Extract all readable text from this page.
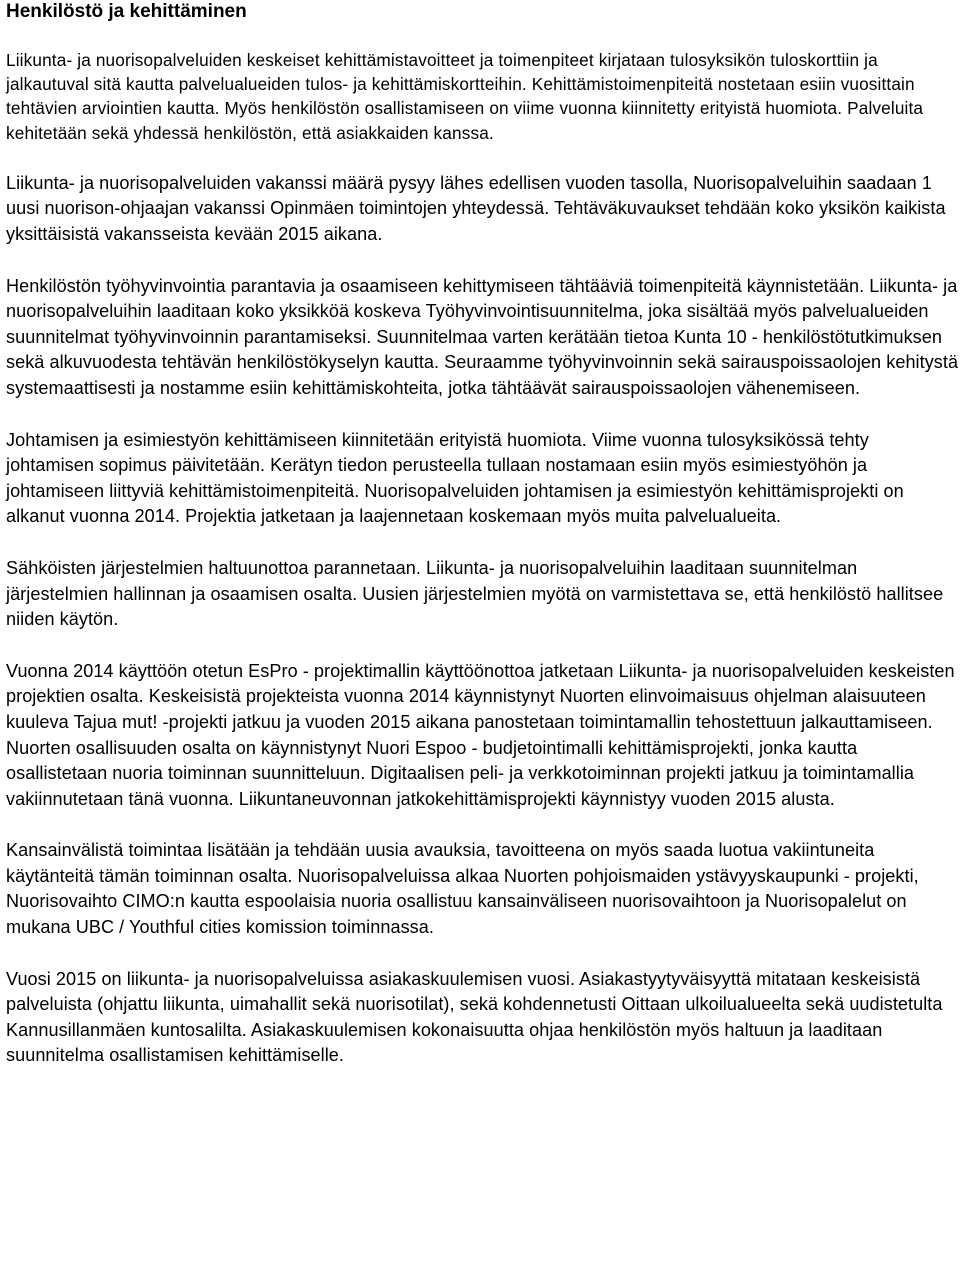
Henkilöstö ja kehittäminen

Liikunta- ja nuorisopalveluiden keskeiset kehittämistavoitteet ja toimenpiteet kirjataan tulosyksikön tuloskorttiin ja jalkautuval sitä kautta palvelualueiden tulos- ja kehittämiskortteihin. Kehittämistoimenpiteitä nostetaan esiin vuosittain tehtävien arviointien kautta. Myös henkilöstön osallistamiseen on viime vuonna kiinnitetty erityistä huomiota. Palveluita kehitetään sekä yhdessä henkilöstön, että asiakkaiden kanssa.

Liikunta- ja nuorisopalveluiden vakanssi määrä pysyy lähes edellisen vuoden tasolla, Nuorisopalveluihin saadaan 1 uusi nuorison-ohjaajan vakanssi Opinmäen toimintojen yhteydessä. Tehtäväkuvaukset tehdään koko yksikön kaikista yksittäisistä vakansseista kevään 2015 aikana.

Henkilöstön työhyvinvointia parantavia ja osaamiseen kehittymiseen tähtääviä toimenpiteitä käynnistetään. Liikunta- ja nuorisopalveluihin laaditaan koko yksikköä koskeva Työhyvinvointisuunnitelma, joka sisältää myös palvelualueiden suunnitelmat työhyvinvoinnin parantamiseksi. Suunnitelmaa varten kerätään tietoa Kunta 10 - henkilöstötutkimuksen sekä alkuvuodesta tehtävän henkilöstökyselyn kautta. Seuraamme työhyvinvoinnin sekä sairauspoissaolojen kehitystä systemaattisesti ja nostamme esiin kehittämiskohteita, jotka tähtäävät sairauspoissaolojen vähenemiseen.

Johtamisen ja esimiestyön kehittämiseen kiinnitetään erityistä huomiota. Viime vuonna tulosyksikössä tehty johtamisen sopimus päivitetään. Kerätyn tiedon perusteella tullaan nostamaan esiin myös esimiestyöhön ja johtamiseen liittyviä kehittämistoimenpiteitä. Nuorisopalveluiden johtamisen ja esimiestyön kehittämisprojekti on alkanut vuonna 2014. Projektia jatketaan ja laajennetaan koskemaan myös muita palvelualueita.

Sähköisten järjestelmien haltuunottoa parannetaan. Liikunta- ja nuorisopalveluihin laaditaan suunnitelman järjestelmien hallinnan ja osaamisen osalta. Uusien järjestelmien myötä on varmistettava se, että henkilöstö hallitsee niiden käytön.

Vuonna 2014 käyttöön otetun EsPro - projektimallin käyttöönottoa jatketaan Liikunta- ja nuorisopalveluiden keskeisten projektien osalta. Keskeisistä projekteista vuonna 2014 käynnistynyt Nuorten elinvoimaisuus ohjelman alaisuuteen kuuleva Tajua mut! -projekti jatkuu ja vuoden 2015 aikana panostetaan toimintamallin tehostettuun jalkauttamiseen. Nuorten osallisuuden osalta on käynnistynyt Nuori Espoo - budjetointimalli kehittämisprojekti, jonka kautta osallistetaan nuoria toiminnan suunnitteluun. Digitaalisen peli- ja verkkotoiminnan projekti jatkuu ja toimintamallia vakiinnutetaan tänä vuonna. Liikuntaneuvonnan jatkokehittämisprojekti käynnistyy vuoden 2015 alusta.

Kansainvälistä toimintaa lisätään ja tehdään uusia avauksia, tavoitteena on myös saada luotua vakiintuneita käytänteitä tämän toiminnan osalta. Nuorisopalveluissa alkaa Nuorten pohjoismaiden ystävyyskaupunki - projekti, Nuorisovaihto CIMO:n kautta espoolaisia nuoria osallistuu kansainväliseen nuorisovaihtoon ja Nuorisopalelut on mukana UBC / Youthful cities komission toiminnassa.

Vuosi 2015 on liikunta- ja nuorisopalveluissa asiakaskuulemisen vuosi. Asiakastyytyväisyyttä mitataan keskeisistä palveluista (ohjattu liikunta, uimahallit sekä nuorisotilat), sekä kohdennetusti Oittaan ulkoilualueelta sekä uudistetulta Kannusillanmäen kuntosalilta. Asiakaskuulemisen kokonaisuutta ohjaa henkilöstön myös haltuun ja laaditaan suunnitelma osallistamisen kehittämiselle.
